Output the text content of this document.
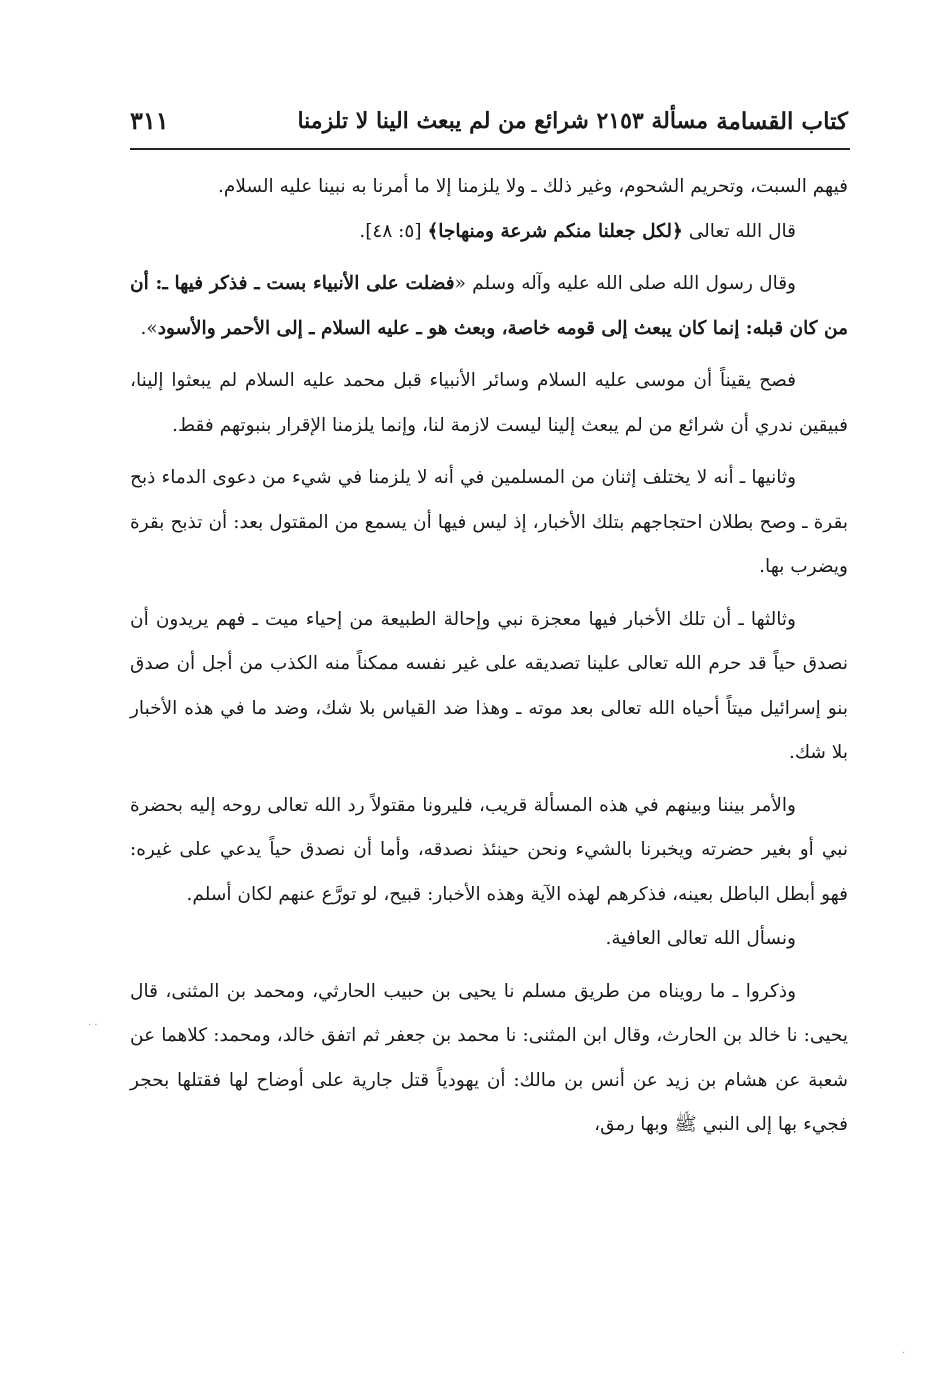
كتاب القسامة
مسألة ٢١٥٣ شرائع من لم يبعث الينا لا تلزمنا
٣١١

فيهم السبت، وتحريم الشحوم، وغير ذلك ـ ولا يلزمنا إلا ما أمرنا به نبينا عليه السلام.

قال الله تعالى ﴿لكل جعلنا منكم شرعة ومنهاجا﴾ [٥: ٤٨].

وقال رسول الله صلى الله عليه وآله وسلم «فضلت على الأنبياء بست ـ فذكر فيها ـ: أن من كان قبله: إنما كان يبعث إلى قومه خاصة، وبعث هو ـ عليه السلام ـ إلى الأحمر والأسود».

فصح يقيناً أن موسى عليه السلام وسائر الأنبياء قبل محمد عليه السلام لم يبعثوا إلينا، فبيقين ندري أن شرائع من لم يبعث إلينا ليست لازمة لنا، وإنما يلزمنا الإقرار بنبوتهم فقط.

وثانيها ـ أنه لا يختلف إثنان من المسلمين في أنه لا يلزمنا في شيء من دعوى الدماء ذبح بقرة ـ وصح بطلان احتجاجهم بتلك الأخبار، إذ ليس فيها أن يسمع من المقتول بعد: أن تذبح بقرة ويضرب بها.

وثالثها ـ أن تلك الأخبار فيها معجزة نبي وإحالة الطبيعة من إحياء ميت ـ فهم يريدون أن نصدق حياً قد حرم الله تعالى علينا تصديقه على غير نفسه ممكناً منه الكذب من أجل أن صدق بنو إسرائيل ميتاً أحياه الله تعالى بعد موته ـ وهذا ضد القياس بلا شك، وضد ما في هذه الأخبار بلا شك.

والأمر بيننا وبينهم في هذه المسألة قريب، فليرونا مقتولاً رد الله تعالى روحه إليه بحضرة نبي أو بغير حضرته ويخبرنا بالشيء ونحن حينئذ نصدقه، وأما أن نصدق حياً يدعي على غيره: فهو أبطل الباطل بعينه، فذكرهم لهذه الآية وهذه الأخبار: قبيح، لو تورَّع عنهم لكان أسلم.

ونسأل الله تعالى العافية.

وذكروا ـ ما رويناه من طريق مسلم نا يحيى بن حبيب الحارثي، ومحمد بن المثنى، قال يحيى: نا خالد بن الحارث، وقال ابن المثنى: نا محمد بن جعفر ثم اتفق خالد، ومحمد: كلاهما عن شعبة عن هشام بن زيد عن أنس بن مالك: أن يهودياً قتل جارية على أوضاح لها فقتلها بحجر فجيء بها إلى النبي ﷺ وبها رمق،

· ·
·
